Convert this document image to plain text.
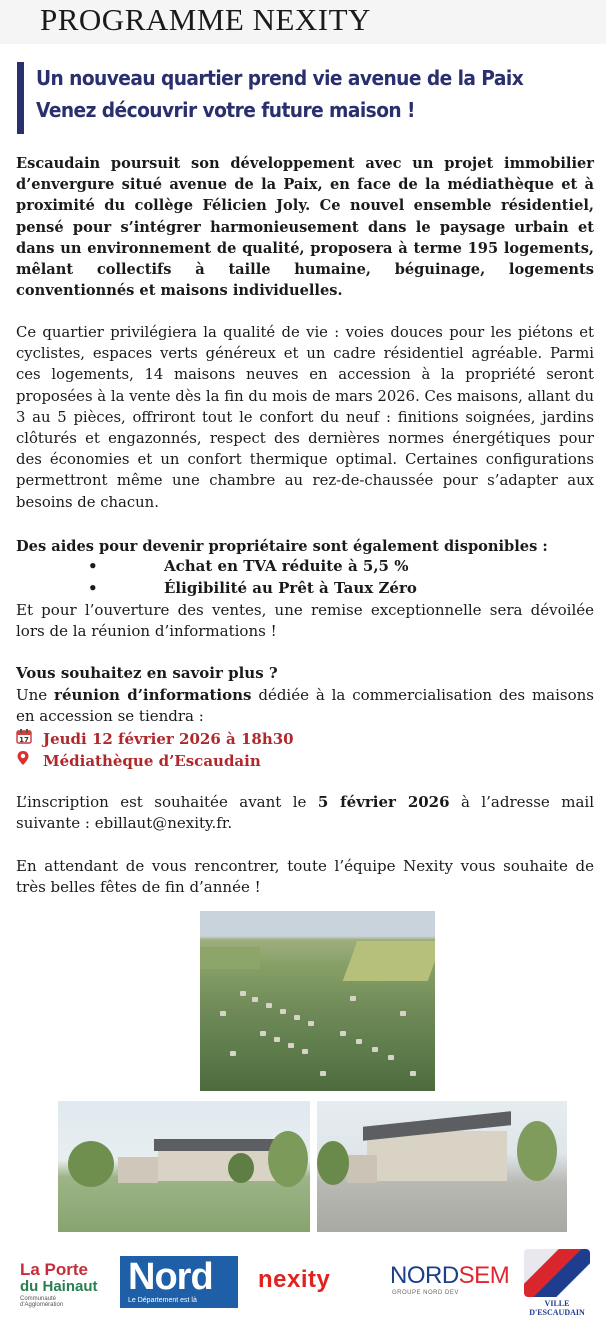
PROGRAMME NEXITY
Un nouveau quartier prend vie avenue de la Paix
Venez découvrir votre future maison !
Escaudain poursuit son développement avec un projet immobilier d’envergure situé avenue de la Paix, en face de la médiathèque et à proximité du collège Félicien Joly. Ce nouvel ensemble résidentiel, pensé pour s’intégrer harmonieusement dans le paysage urbain et dans un environnement de qualité, proposera à terme 195 logements, mêlant collectifs à taille humaine, béguinage, logements conventionnés et maisons individuelles.
Ce quartier privilégiera la qualité de vie : voies douces pour les piétons et cyclistes, espaces verts généreux et un cadre résidentiel agréable. Parmi ces logements, 14 maisons neuves en accession à la propriété seront proposées à la vente dès la fin du mois de mars 2026. Ces maisons, allant du 3 au 5 pièces, offriront tout le confort du neuf : finitions soignées, jardins clôturés et engazonnés, respect des dernières normes énergétiques pour des économies et un confort thermique optimal. Certaines configurations permettront même une chambre au rez-de-chaussée pour s’adapter aux besoins de chacun.
Des aides pour devenir propriétaire sont également disponibles :
•	Achat en TVA réduite à 5,5 %
•	Éligibilité au Prêt à Taux Zéro
Et pour l’ouverture des ventes, une remise exceptionnelle sera dévoilée lors de la réunion d’informations !
Vous souhaitez en savoir plus ?
Une réunion d’informations dédiée à la commercialisation des maisons en accession se tiendra :
17 Jeudi 12 février 2026 à 18h30
Médiathèque d’Escaudain
L’inscription est souhaitée avant le 5 février 2026 à l’adresse mail suivante : ebillaut@nexity.fr.
En attendant de vous rencontrer, toute l’équipe Nexity vous souhaite de très belles fêtes de fin d’année !
La Porte
du Hainaut
Communauté d'Agglomération
Nord
Le Département est là
nexity NORDSEM
GROUPE NORD DEV
VILLE D'ESCAUDAIN
